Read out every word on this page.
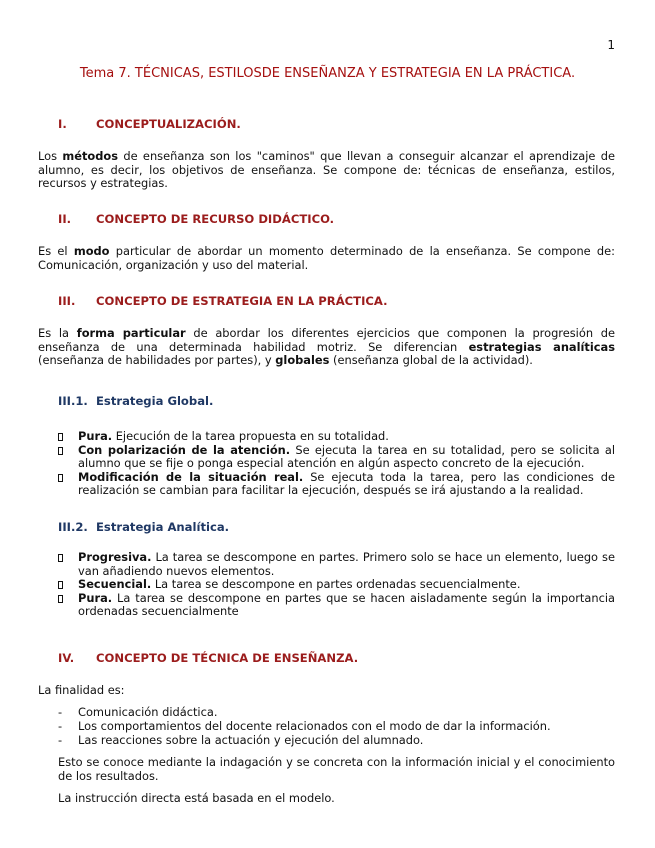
1
Tema 7. TÉCNICAS, ESTILOSDE ENSEÑANZA Y ESTRATEGIA EN LA PRÁCTICA.
I.	CONCEPTUALIZACIÓN.

Los métodos de enseñanza son los "caminos" que llevan a conseguir alcanzar el aprendizaje de alumno, es decir, los objetivos de enseñanza. Se compone de: técnicas de enseñanza, estilos, recursos y estrategias.

II. CONCEPTO DE RECURSO DIDÁCTICO.

Es el modo particular de abordar un momento determinado de la enseñanza. Se compone de: Comunicación, organización y uso del material.

III. CONCEPTO DE ESTRATEGIA EN LA PRÁCTICA.

Es la forma particular de abordar los diferentes ejercicios que componen la progresión de enseñanza de una determinada habilidad motriz. Se diferencian estrategias analíticas (enseñanza de habilidades por partes), y globales (enseñanza global de la actividad).

III.1. Estrategia Global.
Pura. Ejecución de la tarea propuesta en su totalidad.
Con polarización de la atención. Se ejecuta la tarea en su totalidad, pero se solicita al alumno que se fije o ponga especial atención en algún aspecto concreto de la ejecución.
Modificación de la situación real. Se ejecuta toda la tarea, pero las condiciones de realización se cambian para facilitar la ejecución, después se irá ajustando a la realidad.
III.2. Estrategia Analítica.
Progresiva. La tarea se descompone en partes. Primero solo se hace un elemento, luego se van añadiendo nuevos elementos.
Secuencial. La tarea se descompone en partes ordenadas secuencialmente.
Pura. La tarea se descompone en partes que se hacen aisladamente según la importancia ordenadas secuencialmente
IV. CONCEPTO DE TÉCNICA DE ENSEÑANZA.

La finalidad es:

- Comunicación didáctica.
- Los comportamientos del docente relacionados con el modo de dar la información.
- Las reacciones sobre la actuación y ejecución del alumnado.

Esto se conoce mediante la indagación y se concreta con la información inicial y el conocimiento de los resultados.

La instrucción directa está basada en el modelo.
